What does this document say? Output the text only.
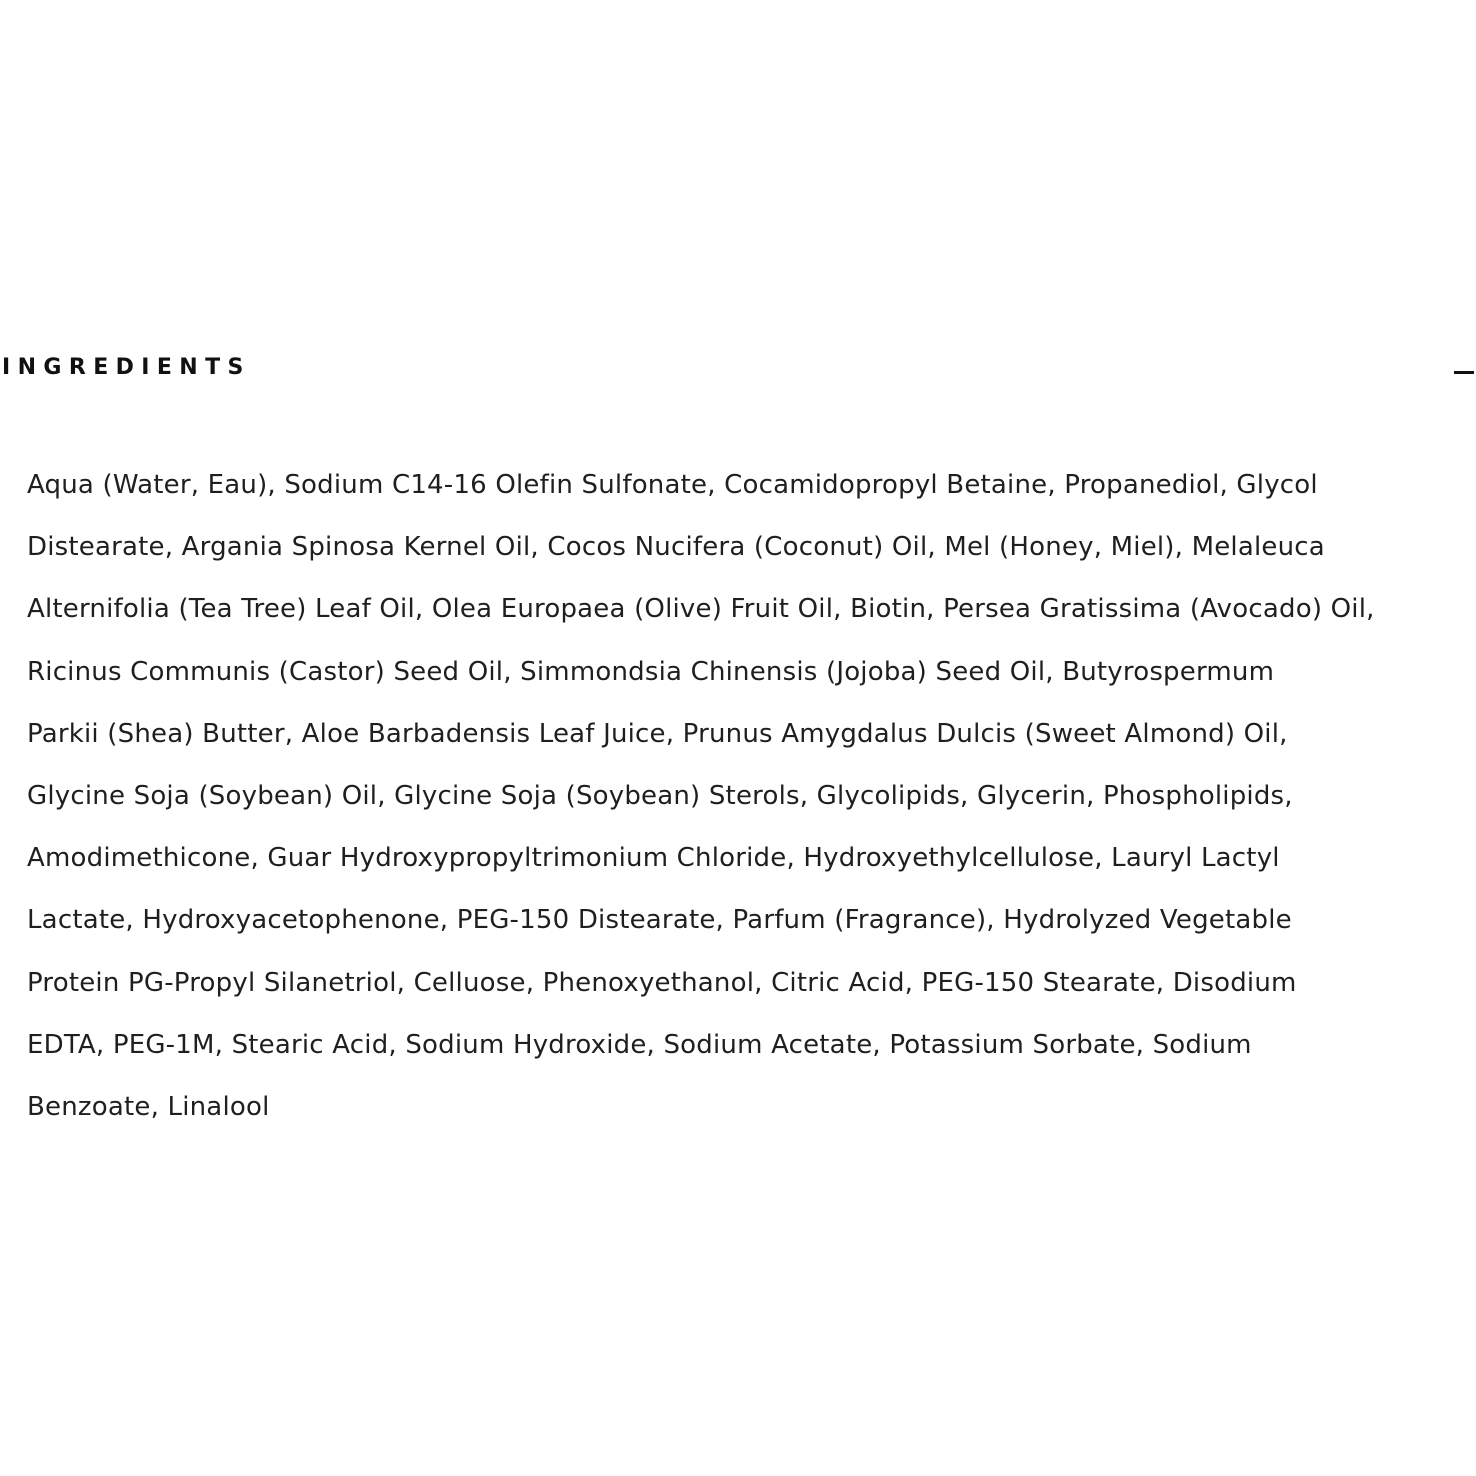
INGREDIENTS
Aqua (Water, Eau), Sodium C14-16 Olefin Sulfonate, Cocamidopropyl Betaine, Propanediol, Glycol
Distearate, Argania Spinosa Kernel Oil, Cocos Nucifera (Coconut) Oil, Mel (Honey, Miel), Melaleuca
Alternifolia (Tea Tree) Leaf Oil, Olea Europaea (Olive) Fruit Oil, Biotin, Persea Gratissima (Avocado) Oil,
Ricinus Communis (Castor) Seed Oil, Simmondsia Chinensis (Jojoba) Seed Oil, Butyrospermum
Parkii (Shea) Butter, Aloe Barbadensis Leaf Juice, Prunus Amygdalus Dulcis (Sweet Almond) Oil,
Glycine Soja (Soybean) Oil, Glycine Soja (Soybean) Sterols, Glycolipids, Glycerin, Phospholipids,
Amodimethicone, Guar Hydroxypropyltrimonium Chloride, Hydroxyethylcellulose, Lauryl Lactyl
Lactate, Hydroxyacetophenone, PEG-150 Distearate, Parfum (Fragrance), Hydrolyzed Vegetable
Protein PG-Propyl Silanetriol, Celluose, Phenoxyethanol, Citric Acid, PEG-150 Stearate, Disodium
EDTA, PEG-1M, Stearic Acid, Sodium Hydroxide, Sodium Acetate, Potassium Sorbate, Sodium
Benzoate, Linalool
